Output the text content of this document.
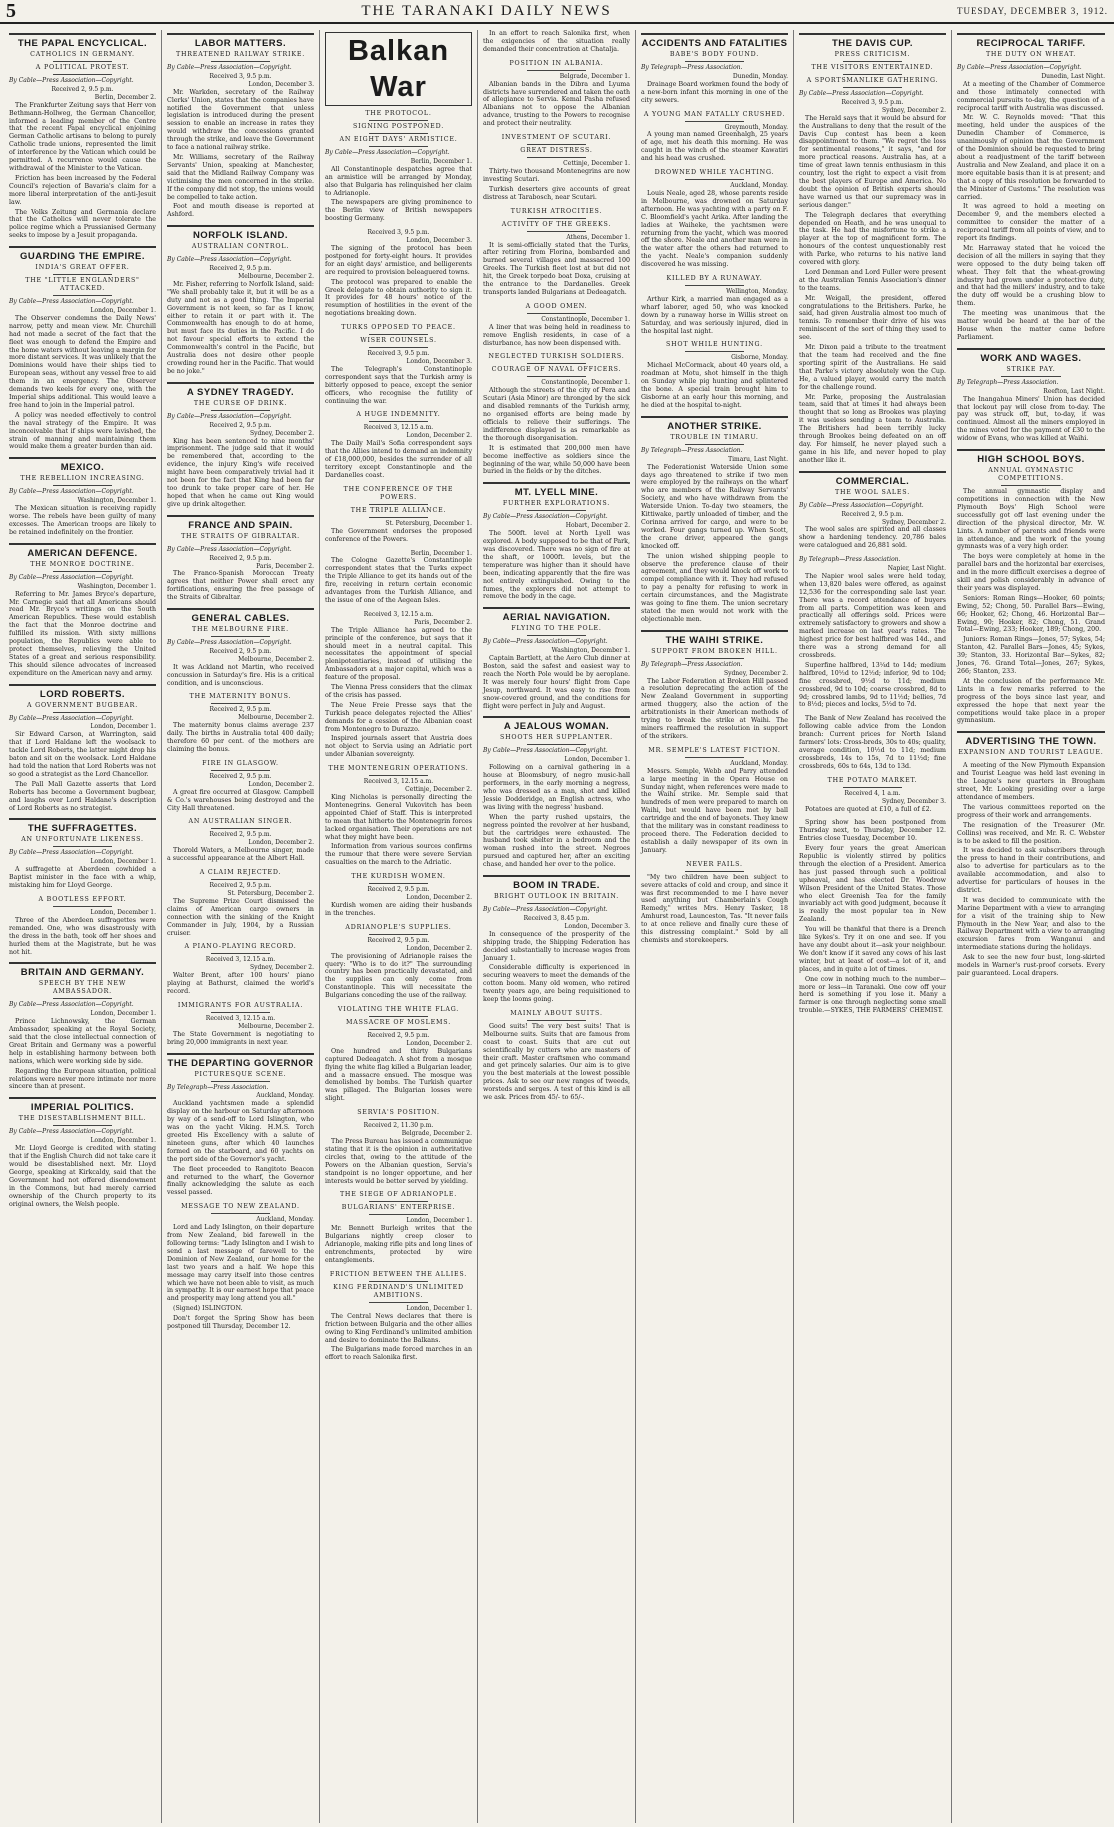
5	THE TARANAKI DAILY NEWS	TUESDAY, DECEMBER 3, 1912.
THE PAPAL ENCYCLICAL.
CATHOLICS IN GERMANY.
A POLITICAL PROTEST.
By Cable—Press Association—Copyright.
Received 2, 9.5 p.m.
Berlin, December 2.

The Frankfurter Zeitung says that Herr von Bethmann-Hollweg, the German Chancellor, informed a leading member of the Centre that the recent Papal encyclical enjoining German Catholic artisans to belong to purely Catholic trade unions, represented the limit of interference by the Vatican which could be permitted. A recurrence would cause the withdrawal of the Minister to the Vatican.

Friction has been increased by the Federal Council's rejection of Bavaria's claim for a more liberal interpretation of the anti-Jesuit law.

The Volks Zeitung and Germania declare that the Catholics will never tolerate the police regime which a Prussianised Germany seeks to impose by a Jesuit propaganda.

GUARDING THE EMPIRE.
INDIA'S GREAT OFFER.
THE "LITTLE ENGLANDERS" ATTACKED.
By Cable—Press Association—Copyright.
London, December 1.

The Observer condemns the Daily News' narrow, petty and mean view. Mr. Churchill had not made a secret of the fact that the fleet was enough to defend the Empire and the home waters without leaving a margin for more distant services. It was unlikely that the Dominions would have their ships tied to European seas, without any vessel free to aid them in an emergency. The Observer demands two keels for every one, with the Imperial ships additional. This would leave a free hand to join in the Imperial patrol.

A policy was needed effectively to control the naval strategy of the Empire. It was inconceivable that if ships were lavished, the strain of manning and maintaining them would make them a greater burden than aid.

MEXICO.
THE REBELLION INCREASING.
By Cable—Press Association—Copyright.
Washington, December 1.

The Mexican situation is receiving rapidly worse. The rebels have been guilty of many excesses. The American troops are likely to be retained indefinitely on the frontier.

AMERICAN DEFENCE.
THE MONROE DOCTRINE.
By Cable—Press Association—Copyright.
Washington, December 1.

Referring to Mr. James Bryce's departure, Mr. Carnegie said that all Americans should read Mr. Bryce's writings on the South American Republics. These would establish the fact that the Monroe doctrine and fulfilled its mission. With sixty millions population, the Republics were able to protect themselves, relieving the United States of a great and serious responsibility. This should silence advocates of increased expenditure on the American navy and army.

LORD ROBERTS.
A GOVERNMENT BUGBEAR.
By Cable—Press Association—Copyright.
London, December 1.

Sir Edward Carson, at Warrington, said that if Lord Haldane left the woolsack to tackle Lord Roberts, the latter might drop his baton and sit on the woolsack. Lord Haldane had told the nation that Lord Roberts was not so good a strategist as the Lord Chancellor.

The Pall Mall Gazette asserts that Lord Roberts has become a Government bugbear, and laughs over Lord Haldane's description of Lord Roberts as no strategist.

THE SUFFRAGETTES.
AN UNFORTUNATE LIKENESS.
By Cable—Press Association—Copyright.
London, December 1.

A suffragette at Aberdeen cowhided a Baptist minister in the face with a whip, mistaking him for Lloyd George.

A BOOTLESS EFFORT.
London, December 1.

Three of the Aberdeen suffragettes were remanded. One, who was disastrously with the dress in the bath, took off her shoes and hurled them at the Magistrate, but he was not hit.

BRITAIN AND GERMANY.
SPEECH BY THE NEW AMBASSADOR.
By Cable—Press Association—Copyright.
London, December 1.

Prince Lichnowsky, the German Ambassador, speaking at the Royal Society, said that the close intellectual connection of Great Britain and Germany was a powerful help in establishing harmony between both nations, which were working side by side.

Regarding the European situation, political relations were never more intimate nor more sincere than at present.

IMPERIAL POLITICS.
THE DISESTABLISHMENT BILL.
By Cable—Press Association—Copyright.
London, December 1.

Mr. Lloyd George is credited with stating that if the English Church did not take care it would be disestablished next. Mr. Lloyd George, speaking at Kirkcaldy, said that the Government had not offered disendowment in the Commons, but had merely carried ownership of the Church property to its original owners, the Welsh people.

LABOR MATTERS.
THREATENED RAILWAY STRIKE.
By Cable—Press Association—Copyright.
Received 3, 9.5 p.m.
London, December 3.

Mr. Warkden, secretary of the Railway Clerks' Union, states that the companies have notified the Government that unless legislation is introduced during the present session to enable an increase in rates they would withdraw the concessions granted through the strike, and leave the Government to face a national railway strike.

Mr. Williams, secretary of the Railway Servants' Union, speaking at Manchester, said that the Midland Railway Company was victimising the men concerned in the strike. If the company did not stop, the unions would be compelled to take action.

Foot and mouth disease is reported at Ashford.

NORFOLK ISLAND.
AUSTRALIAN CONTROL.
By Cable—Press Association—Copyright.
Received 2, 9.5 p.m.
Melbourne, December 2.

Mr. Fisher, referring to Norfolk Island, said: "We shall probably take it, but it will be as a duty and not as a good thing. The Imperial Government is not keen, so far as I know, either to retain it or part with it. The Commonwealth has enough to do at home, but must face its duties in the Pacific. I do not favour special efforts to extend the Commonwealth's control in the Pacific, but Australia does not desire other people crowding round her in the Pacific. That would be no joke."

A SYDNEY TRAGEDY.
THE CURSE OF DRINK.
By Cable—Press Association—Copyright.
Received 2, 9.5 p.m.
Sydney, December 2.

King has been sentenced to nine months' imprisonment. The judge said that it would be remembered that, according to the evidence, the injury King's wife received might have been comparatively trivial had it not been for the fact that King had been far too drunk to take proper care of her. He hoped that when he came out King would give up drink altogether.

FRANCE AND SPAIN.
THE STRAITS OF GIBRALTAR.
By Cable—Press Association—Copyright.
Received 2, 9.5 p.m.
Paris, December 2.

The Franco-Spanish Moroccan Treaty agrees that neither Power shall erect any fortifications, ensuring the free passage of the Straits of Gibraltar.

GENERAL CABLES.
THE MELBOURNE FIRE.
By Cable—Press Association—Copyright.
Received 2, 9.5 p.m.
Melbourne, December 2.

It was Ackland not Martin, who received concussion in Saturday's fire. His is a critical condition, and is unconscious.

THE MATERNITY BONUS.
Received 2, 9.5 p.m.
Melbourne, December 2.

The maternity bonus claims average 237 daily. The births in Australia total 400 daily; therefore 60 per cent. of the mothers are claiming the bonus.

FIRE IN GLASGOW.
Received 2, 9.5 p.m.
London, December 2.

A great fire occurred at Glasgow. Campbell & Co.'s warehouses being destroyed and the City Hall threatened.

AN AUSTRALIAN SINGER.
Received 2, 9.5 p.m.
London, December 2.

Thorold Waters, a Melbourne singer, made a successful appearance at the Albert Hall.

A CLAIM REJECTED.
Received 2, 9.5 p.m.
St. Petersburg, December 2.

The Supreme Prize Court dismissed the claims of American cargo owners in connection with the sinking of the Knight Commander in July, 1904, by a Russian cruiser.

A PIANO-PLAYING RECORD.
Received 3, 12.15 a.m.
Sydney, December 2.

Walter Brent, after 100 hours' piano playing at Bathurst, claimed the world's record.

IMMIGRANTS FOR AUSTRALIA.
Received 3, 12.15 a.m.
Melbourne, December 2.

The State Government is negotiating to bring 20,000 immigrants in next year.

THE DEPARTING GOVERNOR
PICTURESQUE SCENE.
By Telegraph—Press Association.
Auckland, Monday.

Auckland yachtsmen made a splendid display on the harbour on Saturday afternoon by way of a send-off to Lord Islington, who was on the yacht Viking. H.M.S. Torch greeted His Excellency with a salute of nineteen guns, after which 40 launches formed on the starboard, and 60 yachts on the port side of the Governor's yacht.

The fleet proceeded to Rangitoto Beacon and returned to the wharf, the Governor finally acknowledging the salute as each vessel passed.

MESSAGE TO NEW ZEALAND.
Auckland, Monday.

Lord and Lady Islington, on their departure from New Zealand, bid farewell in the following terms: "Lady Islington and I wish to send a last message of farewell to the Dominion of New Zealand, our home for the last two years and a half. We hope this message may carry itself into those centres which we have not been able to visit, as much in sympathy. It is our earnest hope that peace and prosperity may long attend you all."

(Signed) ISLINGTON.

Don't forget the Spring Show has been postponed till Thursday, December 12.

Balkan War
THE PROTOCOL.
SIGNING POSTPONED.
AN EIGHT DAYS' ARMISTICE.
By Cable—Press Association—Copyright.
Berlin, December 1.

All Constantinople despatches agree that an armistice will be arranged by Monday, also that Bulgaria has relinquished her claim to Adrianople.

The newspapers are giving prominence to the Berlin view of British newspapers boosting Germany.

Received 3, 9.5 p.m.
London, December 3.

The signing of the protocol has been postponed for forty-eight hours. It provides for an eight days' armistice, and belligerents are required to provision beleaguered towns.

The protocol was prepared to enable the Greek delegate to obtain authority to sign it. It provides for 48 hours' notice of the resumption of hostilities in the event of the negotiations breaking down.

TURKS OPPOSED TO PEACE.
WISER COUNSELS.
Received 3, 9.5 p.m.
London, December 3.

The Telegraph's Constantinople correspondent says that the Turkish army is bitterly opposed to peace, except the senior officers, who recognise the futility of continuing the war.

A HUGE INDEMNITY.
Received 3, 12.15 a.m.
London, December 2.

The Daily Mail's Sofia correspondent says that the Allies intend to demand an indemnity of £18,000,000, besides the surrender of all territory except Constantinople and the Dardanelles coast.

THE CONFERENCE OF THE POWERS.
THE TRIPLE ALLIANCE.
St. Petersburg, December 1.

The Government endorses the proposed conference of the Powers.

Berlin, December 1.

The Cologne Gazette's Constantinople correspondent states that the Turks expect the Triple Alliance to get its hands out of the fire, receiving in return certain economic advantages from the Turkish Alliance, and the issue of one of the Aegean Isles.

Received 3, 12.15 a.m.
Paris, December 2.

The Triple Alliance has agreed to the principle of the conference, but says that it should meet in a neutral capital. This necessitates the appointment of special plenipotentiaries, instead of utilising the Ambassadors at a major capital, which was a feature of the proposal.

The Vienna Press considers that the climax of the crisis has passed.

The Neue Freie Presse says that the Turkish peace delegates rejected the Allies' demands for a cession of the Albanian coast from Montenegro to Durazzo.

Inspired journals assert that Austria does not object to Servia using an Adriatic port under Albanian sovereignty.

THE MONTENEGRIN OPERATIONS.
Received 3, 12.15 a.m.
Cettinje, December 2.

King Nicholas is personally directing the Montenegrins. General Vukovitch has been appointed Chief of Staff. This is interpreted to mean that hitherto the Montenegrin forces lacked organisation. Their operations are not what they might have been.

Information from various sources confirms the rumour that there were severe Servian casualties on the march to the Adriatic.

THE KURDISH WOMEN.
Received 2, 9.5 p.m.
London, December 2.

Kurdish women are aiding their husbands in the trenches.

ADRIANOPLE'S SUPPLIES.
Received 2, 9.5 p.m.
London, December 2.

The provisioning of Adrianople raises the query: "Who is to do it?" The surrounding country has been practically devastated, and the supplies can only come from Constantinople. This will necessitate the Bulgarians conceding the use of the railway.

VIOLATING THE WHITE FLAG.
MASSACRE OF MOSLEMS.
Received 2, 9.5 p.m.
London, December 2.

One hundred and thirty Bulgarians captured Dedeagatch. A shot from a mosque flying the white flag killed a Bulgarian leader, and a massacre ensued. The mosque was demolished by bombs. The Turkish quarter was pillaged. The Bulgarian losses were slight.

SERVIA'S POSITION.
Received 2, 11.30 p.m.
Belgrade, December 2.

The Press Bureau has issued a communique stating that it is the opinion in authoritative circles that, owing to the attitude of the Powers on the Albanian question, Servia's standpoint is no longer opportune, and her interests would be better served by yielding.

THE SIEGE OF ADRIANOPLE.
BULGARIANS' ENTERPRISE.
London, December 1.

Mr. Bennett Burleigh writes that the Bulgarians nightly creep closer to Adrianople, making rifle pits and long lines of entrenchments, protected by wire entanglements.

FRICTION BETWEEN THE ALLIES.
KING FERDINAND'S UNLIMITED AMBITIONS.
London, December 1.

The Central News declares that there is friction between Bulgaria and the other allies owing to King Ferdinand's unlimited ambition and desire to dominate the Balkans.

The Bulgarians made forced marches in an effort to reach Salonika first.

In an effort to reach Salonika first, when the exigencies of the situation really demanded their concentration at Chatalja.

POSITION IN ALBANIA.
Belgrade, December 1.

Albanian bands in the Dibra and Lyuma districts have surrendered and taken the oath of allegiance to Servia. Kemal Pasha refused Albanians not to oppose the Albanian advance, trusting to the Powers to recognise and protect their neutrality.

INVESTMENT OF SCUTARI.
GREAT DISTRESS.
Cettinje, December 1.

Thirty-two thousand Montenegrins are now investing Scutari.

Turkish deserters give accounts of great distress at Tarabosch, near Scutari.

TURKISH ATROCITIES.
ACTIVITY OF THE GREEKS.
Athens, December 1.

It is semi-officially stated that the Turks, after retiring from Florina, bombarded and burned several villages and massacred 100 Greeks. The Turkish fleet lost at but did not hit, the Greek torpedo boat Doxa, cruising at the entrance to the Dardanelles. Greek transports landed Bulgarians at Dedeagatch.

A GOOD OMEN.
Constantinople, December 1.

A liner that was being held in readiness to remove English residents, in case of a disturbance, has now been dispensed with.

NEGLECTED TURKISH SOLDIERS.
COURAGE OF NAVAL OFFICERS.
Constantinople, December 1.

Although the streets of the city of Pera and Scutari (Asia Minor) are thronged by the sick and disabled remnants of the Turkish army, no organised efforts are being made by officials to relieve their sufferings. The indifference displayed is as remarkable as the thorough disorganisation.

It is estimated that 200,000 men have become ineffective as soldiers since the beginning of the war, while 50,000 have been buried in the fields or by the ditches.

MT. LYELL MINE.
FURTHER EXPLORATIONS.
By Cable—Press Association—Copyright.
Hobart, December 2.

The 500ft. level at North Lyell was explored. A body supposed to be that of Park, was discovered. There was no sign of fire at the shaft, or 1000ft. levels, but the temperature was higher than it should have been, indicating apparently that the fire was not entirely extinguished. Owing to the fumes, the explorers did not attempt to remove the body in the cage.

AERIAL NAVIGATION.
FLYING TO THE POLE.
By Cable—Press Association—Copyright.
Washington, December 1.

Captain Bartlett, at the Aero Club dinner at Boston, said the safest and easiest way to reach the North Pole would be by aeroplane. It was merely four hours' flight from Cape Jesup, northward. It was easy to rise from snow-covered ground, and the conditions for flight were perfect in July and August.

A JEALOUS WOMAN.
SHOOTS HER SUPPLANTER.
By Cable—Press Association—Copyright.
London, December 1.

Following on a carnival gathering in a house at Bloomsbury, of negro music-hall performers, in the early morning a negress, who was dressed as a man, shot and killed Jessie Dodderidge, an English actress, who was living with the negress' husband.

When the party rushed upstairs, the negress pointed the revolver at her husband, but the cartridges were exhausted. The husband took shelter in a bedroom and the woman rushed into the street. Negroes pursued and captured her, after an exciting chase, and handed her over to the police.

BOOM IN TRADE.
BRIGHT OUTLOOK IN BRITAIN.
By Cable—Press Association—Copyright.
Received 3, 8.45 p.m.
London, December 3.

In consequence of the prosperity of the shipping trade, the Shipping Federation has decided substantially to increase wages from January 1.

Considerable difficulty is experienced in securing weavers to meet the demands of the cotton boom. Many old women, who retired twenty years ago, are being requisitioned to keep the looms going.

MAINLY ABOUT SUITS.

Good suits! The very best suits! That is Melbourne suits. Suits that are famous from coast to coast. Suits that are cut out scientifically by cutters who are masters of their craft. Master craftsmen who command and get princely salaries. Our aim is to give you the best materials at the lowest possible prices. Ask to see our new ranges of tweeds, worsteds and serges. A test of this kind is all we ask. Prices from 45/- to 65/-.

ACCIDENTS AND FATALITIES
BABE'S BODY FOUND.
By Telegraph—Press Association.
Dunedin, Monday.

Drainage Board workmen found the body of a new-born infant this morning in one of the city sewers.

A YOUNG MAN FATALLY CRUSHED.
Greymouth, Monday.

A young man named Greenhalgh, 25 years of age, met his death this morning. He was caught in the winch of the steamer Kawatiri and his head was crushed.

DROWNED WHILE YACHTING.
Auckland, Monday.

Louis Neale, aged 28, whose parents reside in Melbourne, was drowned on Saturday afternoon. He was yachting with a party on F. C. Bloomfield's yacht Arika. After landing the ladies at Waiheke, the yachtsmen were returning from the yacht, which was moored off the shore. Neale and another man were in the water after the others had returned to the yacht. Neale's companion suddenly discovered he was missing.

KILLED BY A RUNAWAY.
Wellington, Monday.

Arthur Kirk, a married man engaged as a wharf laborer, aged 50, who was knocked down by a runaway horse in Willis street on Saturday, and was seriously injured, died in the hospital last night.

SHOT WHILE HUNTING.
Gisborne, Monday.

Michael McCormack, about 40 years old, a roadman at Motu, shot himself in the thigh on Sunday while pig hunting and splintered the bone. A special train brought him to Gisborne at an early hour this morning, and he died at the hospital to-night.

ANOTHER STRIKE.
TROUBLE IN TIMARU.
By Telegraph—Press Association.
Timaru, Last Night.

The Federationist Waterside Union some days ago threatened to strike if two men were employed by the railways on the wharf who are members of the Railway Servants' Society, and who have withdrawn from the Waterside Union. To-day two steamers, the Kittiwake, partly unloaded of timber, and the Corinna arrived for cargo, and were to be worked. Four gangs turned up. When Scott, the crane driver, appeared the gangs knocked off.

The union wished shipping people to observe the preference clause of their agreement, and they would knock off work to compel compliance with it. They had refused to pay a penalty for refusing to work in certain circumstances, and the Magistrate was going to fine them. The union secretary stated the men would not work with the objectionable men.

THE WAIHI STRIKE.
SUPPORT FROM BROKEN HILL.
By Telegraph—Press Association.
Sydney, December 2.

The Labor Federation at Broken Hill passed a resolution deprecating the action of the New Zealand Government in supporting armed thuggery, also the action of the arbitrationists in their American methods of trying to break the strike at Waihi. The miners reaffirmed the resolution in support of the strikers.

MR. SEMPLE'S LATEST FICTION.
Auckland, Monday.

Messrs. Semple, Webb and Parry attended a large meeting in the Opera House on Sunday night, when references were made to the Waihi strike. Mr. Semple said that hundreds of men were prepared to march on Waihi, but would have been met by ball cartridge and the end of bayonets. They knew that the military was in constant readiness to proceed there. The Federation decided to establish a daily newspaper of its own in January.

NEVER FAILS.

"My two children have been subject to severe attacks of cold and croup, and since it was first recommended to me I have never used anything but Chamberlain's Cough Remedy," writes Mrs. Henry Tasker, 18 Amhurst road, Launceston, Tas. "It never fails to at once relieve and finally cure these of this distressing complaint." Sold by all chemists and storekeepers.

THE DAVIS CUP.
PRESS CRITICISM.
THE VISITORS ENTERTAINED.
A SPORTSMANLIKE GATHERING.
By Cable—Press Association—Copyright.
Received 3, 9.5 p.m.
Sydney, December 2.

The Herald says that it would be absurd for the Australians to deny that the result of the Davis Cup contest has been a keen disappointment to them. "We regret the loss for sentimental reasons," it says, "and for more practical reasons. Australia has, at a time of great lawn tennis enthusiasm in this country, lost the right to expect a visit from the best players of Europe and America. No doubt the opinion of British experts should have warned us that our supremacy was in serious danger."

The Telegraph declares that everything depended on Heath, and he was unequal to the task. He had the misfortune to strike a player at the top of magnificent form. The honours of the contest unquestionably rest with Parke, who returns to his native land covered with glory.

Lord Denman and Lord Fuller were present at the Australian Tennis Association's dinner to the teams.

Mr. Weigall, the president, offered congratulations to the Britishers. Parke, he said, had given Australia almost too much of tennis. To remember their drive of his was reminiscent of the sort of thing they used to see.

Mr. Dixon paid a tribute to the treatment that the team had received and the fine sporting spirit of the Australians. He said that Parke's victory absolutely won the Cup. He, a valued player, would carry the match for the challenge round.

Mr. Parke, proposing the Australasian team, said that at times it had always been thought that so long as Brookes was playing it was useless sending a team to Australia. The Britishers had been terribly lucky through Brookes being defeated on an off day. For himself, he never played such a game in his life, and never hoped to play another like it.

COMMERCIAL.
THE WOOL SALES.
By Cable—Press Association—Copyright.
Received 2, 9.5 p.m.
Sydney, December 2.

The wool sales are spirited and all classes show a hardening tendency. 20,786 bales were catalogued and 26,881 sold.

By Telegraph—Press Association.
Napier, Last Night.

The Napier wool sales were held today, when 13,820 bales were offered, as against 12,536 for the corresponding sale last year. There was a record attendance of buyers from all parts. Competition was keen and practically all offerings sold. Prices were extremely satisfactory to growers and show a marked increase on last year's rates. The highest price for best halfbred was 14d., and there was a strong demand for all crossbreds.

Superfine halfbred, 13¼d to 14d; medium halfbred, 10½d to 12½d; inferior, 9d to 10d; fine crossbred, 9½d to 11d; medium crossbred, 9d to 10d; coarse crossbred, 8d to 9d; crossbred lambs, 9d to 11½d; bellies, 7d to 8½d; pieces and locks, 5½d to 7d.

The Bank of New Zealand has received the following cable advice from the London branch: Current prices for North Island farmers' lots: Cross-breds, 30s to 40s; quality, average condition, 10½d to 11d; medium crossbreds, 14s to 15s, 7d to 11½d; fine crossbreds, 60s to 64s, 13d to 13d.

THE POTATO MARKET.
Received 4, 1 a.m.
Sydney, December 3.

Potatoes are quoted at £10, a full of £2.

Spring show has been postponed from Thursday next, to Thursday, December 12. Entries close Tuesday, December 10.

Every four years the great American Republic is violently stirred by politics through the election of a President. America has just passed through such a political upheaval, and has elected Dr. Woodrow Wilson President of the United States. Those who elect Greenish Tea for the family invariably act with good judgment, because it is really the most popular tea in New Zealand.

You will be thankful that there is a Drench like Sykes's. Try it on one and see. If you have any doubt about it—ask your neighbour. We don't know if it saved any cows of his last winter, but at least of cost—a lot of it, and places, and in quite a lot of times.

One cow in nothing much to the number—more or less—in Taranaki. One cow off your herd is something if you lose it. Many a farmer is one through neglecting some small trouble.—SYKES, THE FARMERS' CHEMIST.

RECIPROCAL TARIFF.
THE DUTY ON WHEAT.
By Cable—Press Association—Copyright.
Dunedin, Last Night.

At a meeting of the Chamber of Commerce and those intimately connected with commercial pursuits to-day, the question of a reciprocal tariff with Australia was discussed.

Mr. W. C. Reynolds moved: "That this meeting, held under the auspices of the Dunedin Chamber of Commerce, is unanimously of opinion that the Government of the Dominion should be requested to bring about a readjustment of the tariff between Australia and New Zealand, and place it on a more equitable basis than it is at present; and that a copy of this resolution be forwarded to the Minister of Customs." The resolution was carried.

It was agreed to hold a meeting on December 9, and the members elected a committee to consider the matter of a reciprocal tariff from all points of view, and to report its findings.

Mr. Harraway stated that he voiced the decision of all the millers in saying that they were opposed to the duty being taken off wheat. They felt that the wheat-growing industry had grown under a protective duty, and that had the millers' industry, and to take the duty off would be a crushing blow to them.

The meeting was unanimous that the matter would be heard at the bar of the House when the matter came before Parliament.

WORK AND WAGES.
STRIKE PAY.
By Telegraph—Press Association.
Reefton, Last Night.

The Inangahua Miners' Union has decided that lockout pay will close from to-day. The pay was struck off, but, to-day, it was continued. Almost all the miners employed in the mines voted for the payment of £30 to the widow of Evans, who was killed at Waihi.

HIGH SCHOOL BOYS.
ANNUAL GYMNASTIC COMPETITIONS.

The annual gymnastic display and competitions in connection with the New Plymouth Boys' High School were successfully got off last evening under the direction of the physical director, Mr. W. Lints. A number of parents and friends were in attendance, and the work of the young gymnasts was of a very high order.

The boys were completely at home in the parallel bars and the horizontal bar exercises, and in the more difficult exercises a degree of skill and polish considerably in advance of their years was displayed.

Seniors: Roman Rings—Hooker, 60 points; Ewing, 52; Chong, 50. Parallel Bars—Ewing, 66; Hooker, 62; Chong, 46. Horizontal Bar—Ewing, 90; Hooker, 82; Chong, 51. Grand Total—Ewing, 233; Hooker, 189; Chong, 200.

Juniors: Roman Rings—Jones, 57; Sykes, 54; Stanton, 42. Parallel Bars—Jones, 45; Sykes, 39; Stanton, 33. Horizontal Bar—Sykes, 82; Jones, 76. Grand Total—Jones, 267; Sykes, 266; Stanton, 233.

At the conclusion of the performance Mr. Lints in a few remarks referred to the progress of the boys since last year, and expressed the hope that next year the competitions would take place in a proper gymnasium.

ADVERTISING THE TOWN.
EXPANSION AND TOURIST LEAGUE.

A meeting of the New Plymouth Expansion and Tourist League was held last evening in the League's new quarters in Brougham street, Mr. Looking presiding over a large attendance of members.

The various committees reported on the progress of their work and arrangements.

The resignation of the Treasurer (Mr. Collins) was received, and Mr. R. C. Webster is to be asked to fill the position.

It was decided to ask subscribers through the press to hand in their contributions, and also to advertise for particulars as to the available accommodation, and also to advertise for particulars of houses in the district.

It was decided to communicate with the Marine Department with a view to arranging for a visit of the training ship to New Plymouth in the New Year, and also to the Railway Department with a view to arranging excursion fares from Wanganui and intermediate stations during the holidays.

Ask to see the new four bust, long-skirted models in Warner's rust-proof corsets. Every pair guaranteed. Local drapers.
